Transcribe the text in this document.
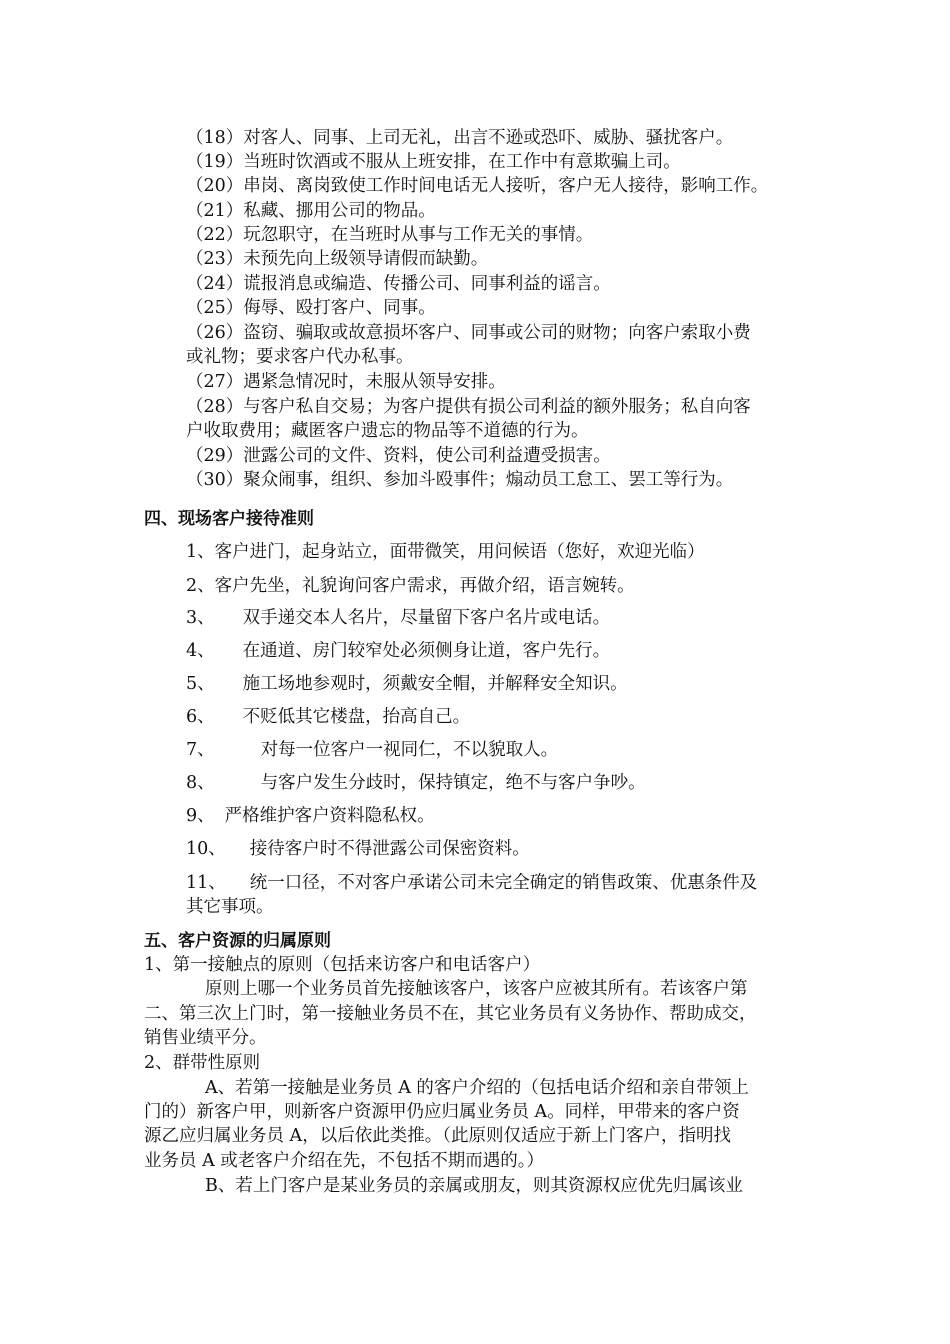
（18）对客人、同事、上司无礼，出言不逊或恐吓、威胁、骚扰客户。
（19）当班时饮酒或不服从上班安排，在工作中有意欺骗上司。
（20）串岗、离岗致使工作时间电话无人接听，客户无人接待，影响工作。
（21）私藏、挪用公司的物品。
（22）玩忽职守，在当班时从事与工作无关的事情。
（23）未预先向上级领导请假而缺勤。
（24）谎报消息或编造、传播公司、同事利益的谣言。
（25）侮辱、殴打客户、同事。
（26）盗窃、骗取或故意损坏客户、同事或公司的财物；向客户索取小费
或礼物；要求客户代办私事。
（27）遇紧急情况时，未服从领导安排。
（28）与客户私自交易；为客户提供有损公司利益的额外服务；私自向客
户收取费用；藏匿客户遗忘的物品等不道德的行为。
（29）泄露公司的文件、资料，使公司利益遭受损害。
（30）聚众闹事，组织、参加斗殴事件；煽动员工怠工、罢工等行为。
四、现场客户接待准则
1、客户进门，起身站立，面带微笑，用问候语（您好，欢迎光临）
2、客户先坐，礼貌询问客户需求，再做介绍，语言婉转。
3、 双手递交本人名片，尽量留下客户名片或电话。
4、 在通道、房门较窄处必须侧身让道，客户先行。
5、 施工场地参观时，须戴安全帽，并解释安全知识。
6、 不贬低其它楼盘，抬高自己。
7、	对每一位客户一视同仁，不以貌取人。
8、	与客户发生分歧时，保持镇定，绝不与客户争吵。
9、 严格维护客户资料隐私权。
10、 接待客户时不得泄露公司保密资料。
11、 统一口径，不对客户承诺公司未完全确定的销售政策、优惠条件及
其它事项。
五、客户资源的归属原则
1、第一接触点的原则（包括来访客户和电话客户）
原则上哪一个业务员首先接触该客户，该客户应被其所有。若该客户第
二、第三次上门时，第一接触业务员不在，其它业务员有义务协作、帮助成交，
销售业绩平分。
2、群带性原则
A、若第一接触是业务员 A 的客户介绍的（包括电话介绍和亲自带领上
门的）新客户甲，则新客户资源甲仍应归属业务员 A。同样，甲带来的客户资
源乙应归属业务员 A，以后依此类推。（此原则仅适应于新上门客户，指明找
业务员 A 或老客户介绍在先，不包括不期而遇的。）
B、若上门客户是某业务员的亲属或朋友，则其资源权应优先归属该业
